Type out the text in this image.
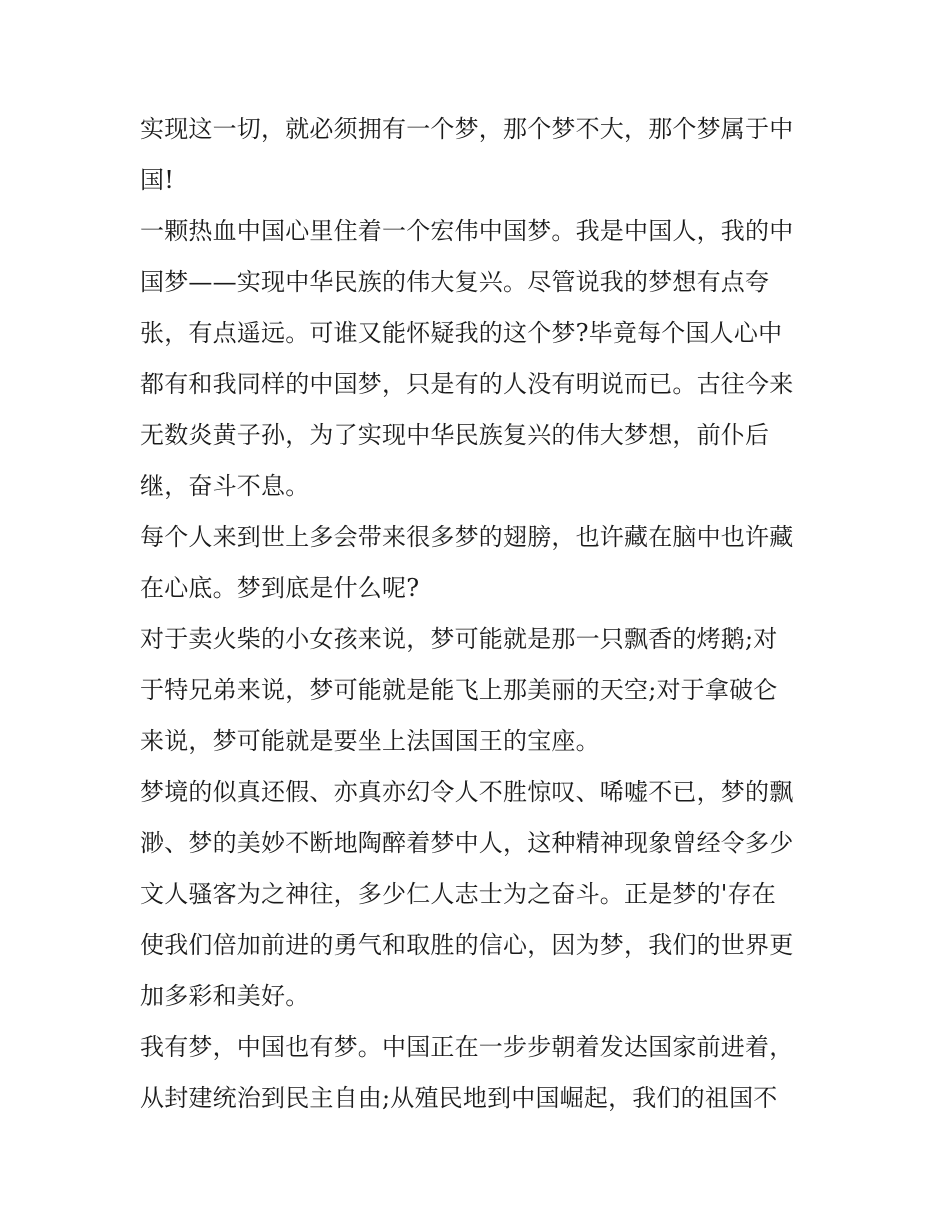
实现这一切，就必须拥有一个梦，那个梦不大，那个梦属于中
国!
一颗热血中国心里住着一个宏伟中国梦。我是中国人，我的中
国梦——实现中华民族的伟大复兴。尽管说我的梦想有点夸
张，有点遥远。可谁又能怀疑我的这个梦?毕竟每个国人心中
都有和我同样的中国梦，只是有的人没有明说而已。古往今来
无数炎黄子孙，为了实现中华民族复兴的伟大梦想，前仆后
继，奋斗不息。
每个人来到世上多会带来很多梦的翅膀，也许藏在脑中也许藏
在心底。梦到底是什么呢?
对于卖火柴的小女孩来说，梦可能就是那一只飘香的烤鹅;对
于特兄弟来说，梦可能就是能飞上那美丽的天空;对于拿破仑
来说，梦可能就是要坐上法国国王的宝座。
梦境的似真还假、亦真亦幻令人不胜惊叹、唏嘘不已，梦的飘
渺、梦的美妙不断地陶醉着梦中人，这种精神现象曾经令多少
文人骚客为之神往，多少仁人志士为之奋斗。正是梦的'存在
使我们倍加前进的勇气和取胜的信心，因为梦，我们的世界更
加多彩和美好。
我有梦，中国也有梦。中国正在一步步朝着发达国家前进着，
从封建统治到民主自由;从殖民地到中国崛起，我们的祖国不
